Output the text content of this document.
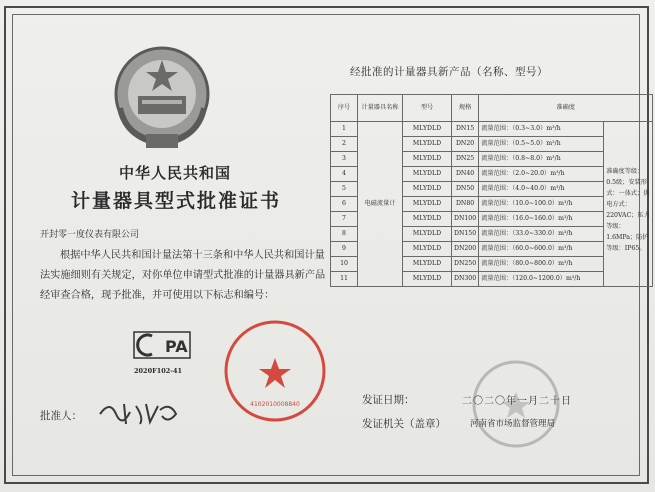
中华人民共和国
计量器具型式批准证书
开封零一度仪表有限公司
根据中华人民共和国计量法第十三条和中华人民共和国计量法实施细则有关规定，对你单位申请型式批准的计量器具新产品经审查合格，现予批准，并可使用以下标志和编号：
PA
2020F102-41
批准人：
4102010008840
经批准的计量器具新产品（名称、型号）
序号	计量器具名称	型号	规格	准确度	
1	电磁流量计	MLYDLD	DN15	流量范围：（0.3~3.0）m³/h	准确度等级：0.5级；安装形式：一体式；供电方式：220VAC；压力等级：1.6MPa；防护等级：IP65。
2		MLYDLD	DN20	流量范围：（0.5~5.0）m³/h	
3		MLYDLD	DN25	流量范围：（0.8~8.0）m³/h	
4		MLYDLD	DN40	流量范围：（2.0~20.0）m³/h	
5		MLYDLD	DN50	流量范围：（4.0~40.0）m³/h	
6		MLYDLD	DN80	流量范围：（10.0~100.0）m³/h	
7		MLYDLD	DN100	流量范围：（16.0~160.0）m³/h	
8		MLYDLD	DN150	流量范围：（33.0~330.0）m³/h	
9		MLYDLD	DN200	流量范围：（60.0~600.0）m³/h	
10		MLYDLD	DN250	流量范围：（80.0~800.0）m³/h	
11		MLYDLD	DN300	流量范围：（120.0~1200.0）m³/h	
发证日期：	二〇二〇年一月二十日
发证机关（盖章）	河南省市场监督管理局
